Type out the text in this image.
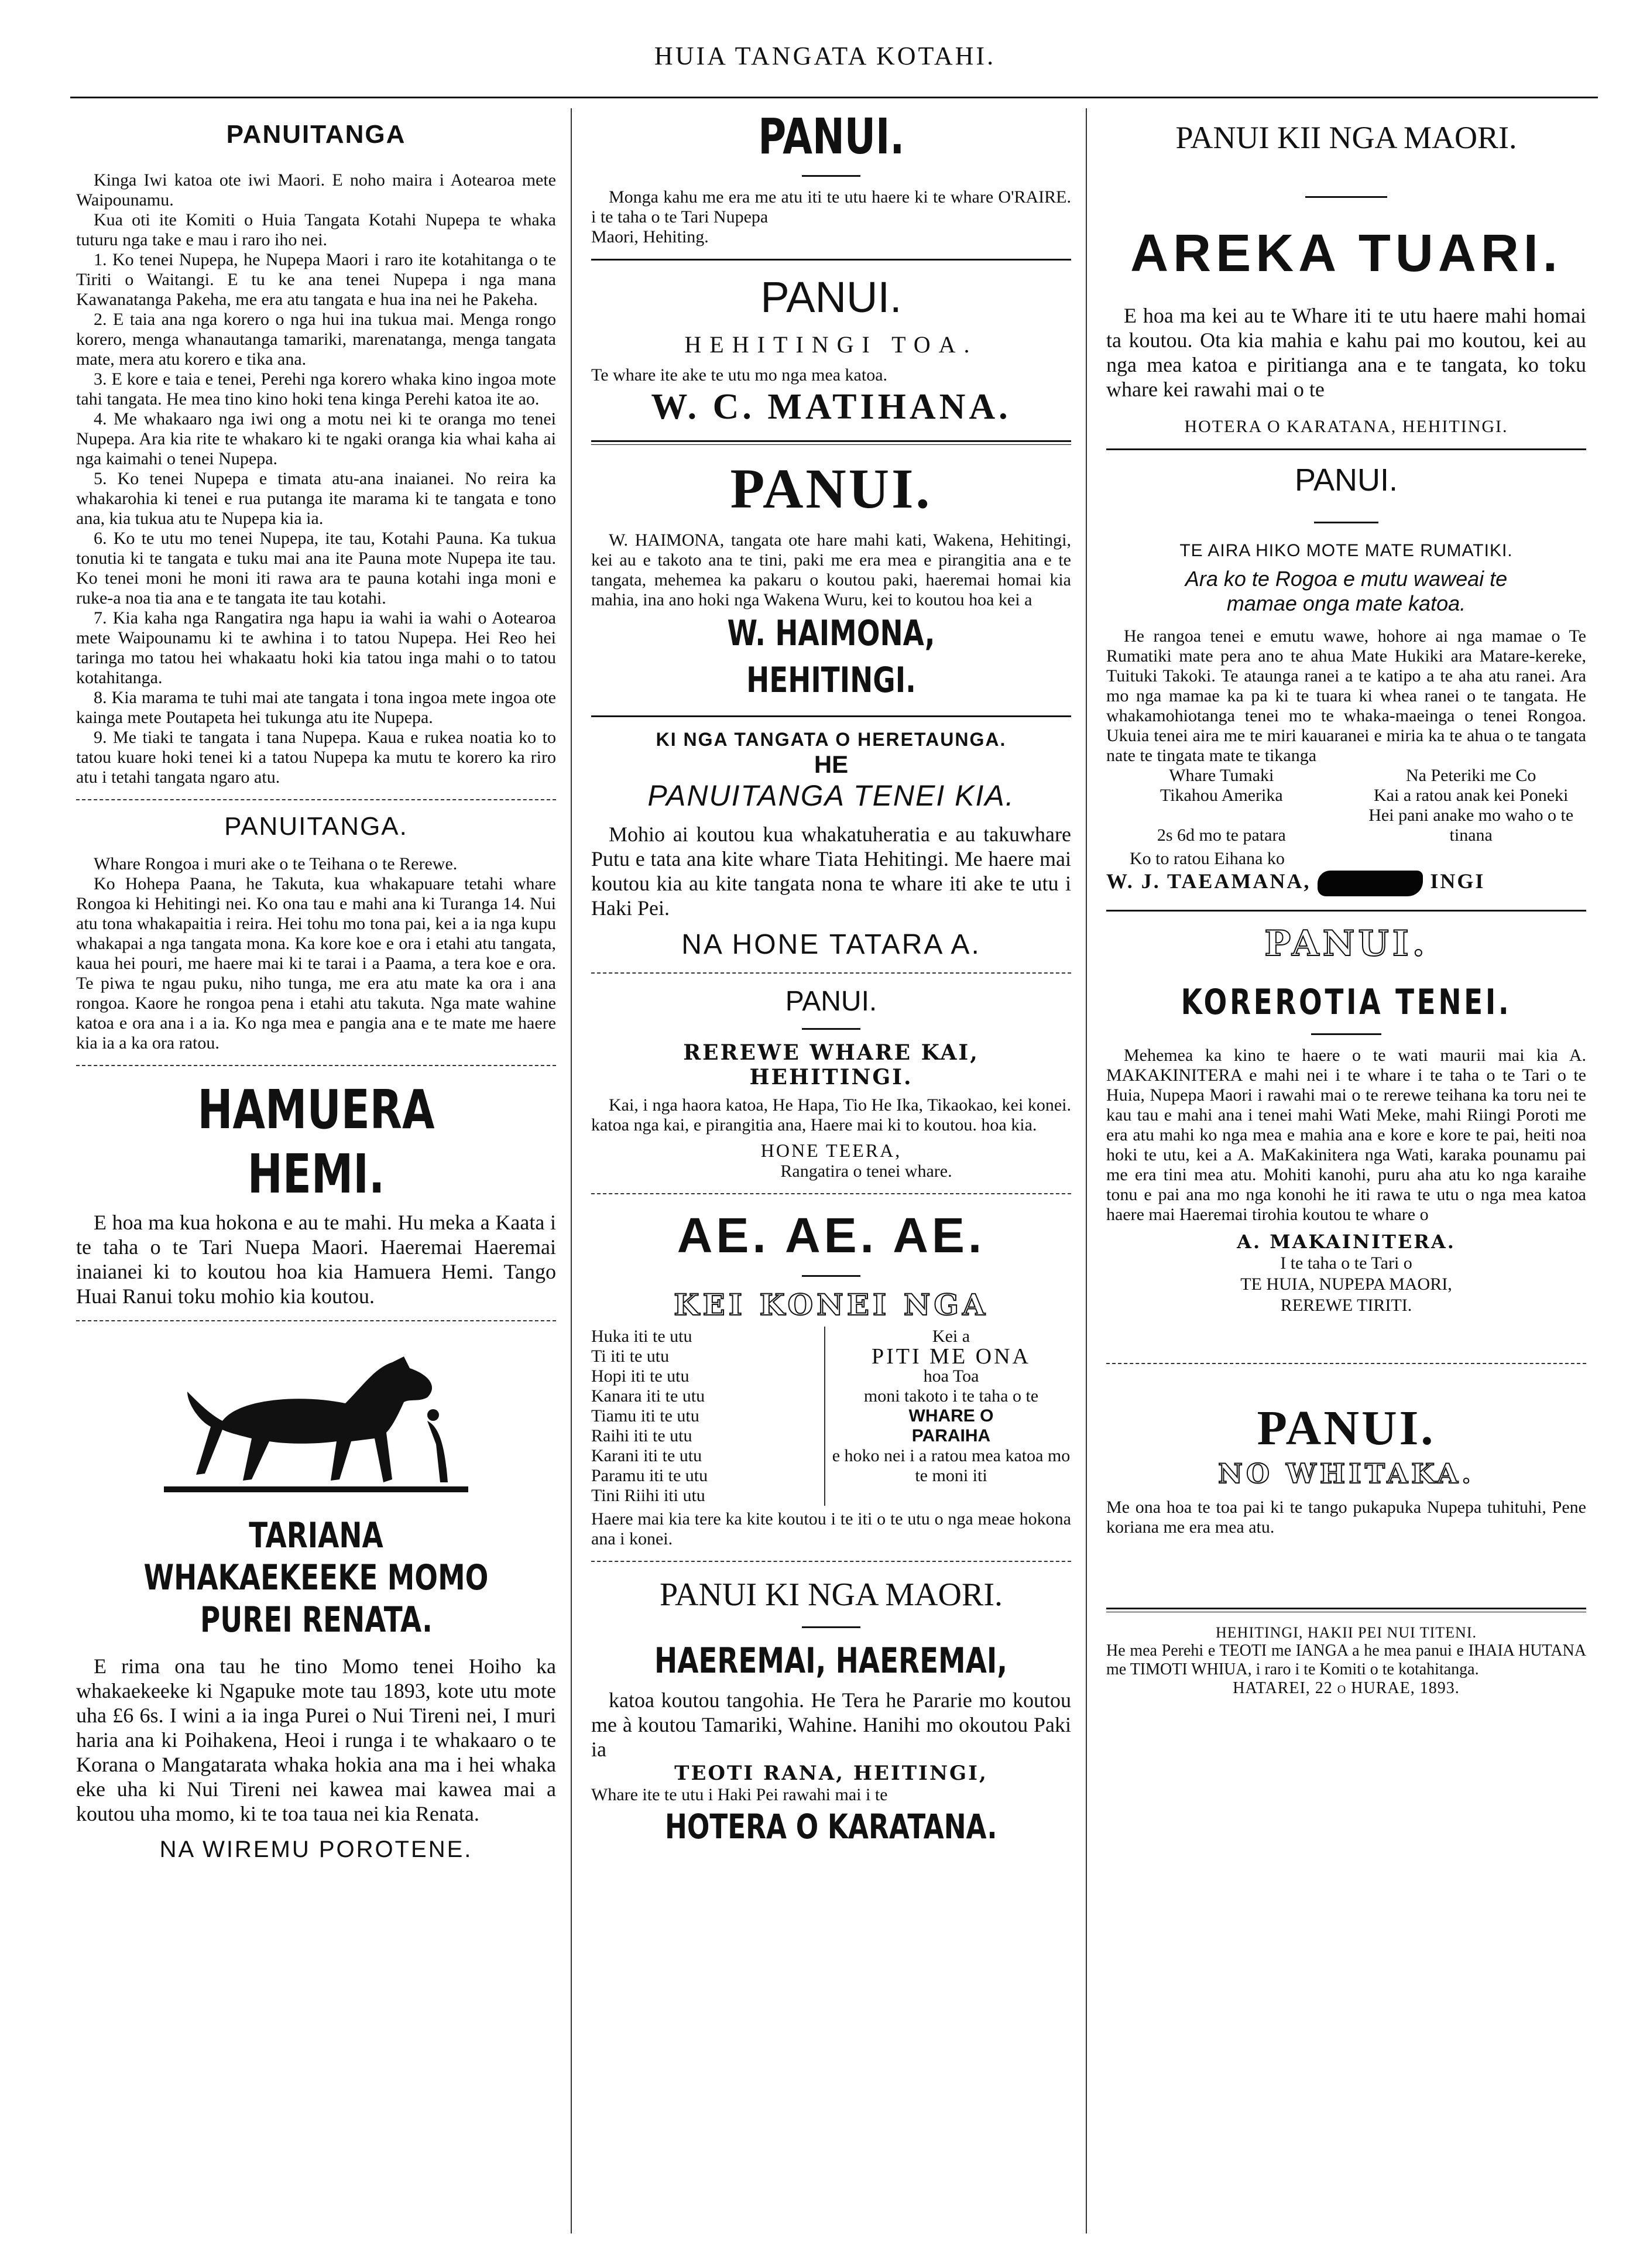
HUIA TANGATA KOTAHI.
PANUITANGA

Kinga Iwi katoa ote iwi Maori. E noho maira i Aotearoa mete Waipounamu.

Kua oti ite Komiti o Huia Tangata Kotahi Nupepa te whaka tuturu nga take e mau i raro iho nei.

1. Ko tenei Nupepa, he Nupepa Maori i raro ite kotahitanga o te Tiriti o Waitangi. E tu ke ana tenei Nupepa i nga mana Kawanatanga Pakeha, me era atu tangata e hua ina nei he Pakeha.

2. E taia ana nga korero o nga hui ina tukua mai. Menga rongo korero, menga whanautanga tamariki, marenatanga, menga tangata mate, mera atu korero e tika ana.

3. E kore e taia e tenei, Perehi nga korero whaka kino ingoa mote tahi tangata. He mea tino kino hoki tena kinga Perehi katoa ite ao.

4. Me whakaaro nga iwi ong a motu nei ki te oranga mo tenei Nupepa. Ara kia rite te whakaro ki te ngaki oranga kia whai kaha ai nga kaimahi o tenei Nupepa.

5. Ko tenei Nupepa e timata atu-ana inaianei. No reira ka whakarohia ki tenei e rua putanga ite marama ki te tangata e tono ana, kia tukua atu te Nupepa kia ia.

6. Ko te utu mo tenei Nupepa, ite tau, Kotahi Pauna. Ka tukua tonutia ki te tangata e tuku mai ana ite Pauna mote Nupepa ite tau. Ko tenei moni he moni iti rawa ara te pauna kotahi inga moni e ruke-a noa tia ana e te tangata ite tau kotahi.

7. Kia kaha nga Rangatira nga hapu ia wahi ia wahi o Aotearoa mete Waipounamu ki te awhina i to tatou Nupepa. Hei Reo hei taringa mo tatou hei whakaatu hoki kia tatou inga mahi o to tatou kotahitanga.

8. Kia marama te tuhi mai ate tangata i tona ingoa mete ingoa ote kainga mete Poutapeta hei tukunga atu ite Nupepa.

9. Me tiaki te tangata i tana Nupepa. Kaua e rukea noatia ko to tatou kuare hoki tenei ki a tatou Nupepa ka mutu te korero ka riro atu i tetahi tangata ngaro atu.

PANUITANGA.

Whare Rongoa i muri ake o te Teihana o te Rerewe.

Ko Hohepa Paana, he Takuta, kua whakapuare tetahi whare Rongoa ki Hehitingi nei. Ko ona tau e mahi ana ki Turanga 14. Nui atu tona whakapaitia i reira. Hei tohu mo tona pai, kei a ia nga kupu whakapai a nga tangata mona. Ka kore koe e ora i etahi atu tangata, kaua hei pouri, me haere mai ki te tarai i a Paama, a tera koe e ora. Te piwa te ngau puku, niho tunga, me era atu mate ka ora i ana rongoa. Kaore he rongoa pena i etahi atu takuta. Nga mate wahine katoa e ora ana i a ia. Ko nga mea e pangia ana e te mate me haere kia ia a ka ora ratou.

HAMUERA HEMI.

E hoa ma kua hokona e au te mahi. Hu meka a Kaata i te taha o te Tari Nuepa Maori. Haeremai Haeremai inaianei ki to koutou hoa kia Hamuera Hemi. Tango Huai Ranui toku mohio kia koutou.

TARIANA WHAKAEKEEKE MOMO
PUREI RENATA.

E rima ona tau he tino Momo tenei Hoiho ka whakaekeeke ki Ngapuke mote tau 1893, kote utu mote uha £6 6s. I wini a ia inga Purei o Nui Tireni nei, I muri haria ana ki Poihakena, Heoi i runga i te whakaaro o te Korana o Mangatarata whaka hokia ana ma i hei whaka eke uha ki Nui Tireni nei kawea mai kawea mai a koutou uha momo, ki te toa taua nei kia Renata.

NA WIREMU POROTENE.
PANUI.

Monga kahu me era me atu iti te utu haere ki te whare O'RAIRE. i te taha o te Tari Nupepa

Maori, Hehiting.

PANUI.
HEHITINGI TOA.

Te whare ite ake te utu mo nga mea katoa.

W. C. MATIHANA.
PANUI.

W. HAIMONA, tangata ote hare mahi kati, Wakena, Hehitingi, kei au e takoto ana te tini, paki me era mea e pirangitia ana e te tangata, mehemea ka pakaru o koutou paki, haeremai homai kia mahia, ina ano hoki nga Wakena Wuru, kei to koutou hoa kei a

W. HAIMONA, HEHITINGI.
KI NGA TANGATA O HERETAUNGA.
HE
PANUITANGA TENEI KIA.

Mohio ai koutou kua whakatuheratia e au takuwhare Putu e tata ana kite whare Tiata Hehitingi. Me haere mai koutou kia au kite tangata nona te whare iti ake te utu i Haki Pei.

NA HONE TATARA A.
PANUI.
REREWE WHARE KAI,
HEHITINGI.

Kai, i nga haora katoa, He Hapa, Tio He Ika, Tikaokao, kei konei. katoa nga kai, e pirangitia ana, Haere mai ki to koutou. hoa kia.

HONE TEERA,
Rangatira o tenei whare.
AE. AE. AE.
KEI KONEI NGA
Huka iti te utu
Ti iti te utu
Hopi iti te utu
Kanara iti te utu
Tiamu iti te utu
Raihi iti te utu
Karani iti te utu
Paramu iti te utu
Tini Riihi iti utu
Kei a
PITI ME ONA
hoa Toa
moni takoto i te taha o te
WHARE O
PARAIHA
e hoko nei i a ratou mea katoa mo te moni iti

Haere mai kia tere ka kite koutou i te iti o te utu o nga meae hokona ana i konei.

PANUI KI NGA MAORI.
HAEREMAI, HAEREMAI,

katoa koutou tangohia. He Tera he Pararie mo koutou me à koutou Tamariki, Wahine. Hanihi mo okoutou Paki ia

TEOTI RANA, HEITINGI,

Whare ite te utu i Haki Pei rawahi mai i te

HOTERA O KARATANA.
PANUI KII NGA MAORI.
AREKA TUARI.

E hoa ma kei au te Whare iti te utu haere mahi homai ta koutou. Ota kia mahia e kahu pai mo koutou, kei au nga mea katoa e piritianga ana e te tangata, ko toku whare kei rawahi mai o te

HOTERA O KARATANA, HEHITINGI.
PANUI.
TE AIRA HIKO MOTE MATE RUMATIKI.
Ara ko te Rogoa e mutu waweai te
mamae onga mate katoa.

He rangoa tenei e emutu wawe, hohore ai nga mamae o Te Rumatiki mate pera ano te ahua Mate Hukiki ara Matare-kereke, Tuituki Takoki. Te ataunga ranei a te katipo a te aha atu ranei. Ara mo nga mamae ka pa ki te tuara ki whea ranei o te tangata. He whakamohiotanga tenei mo te whaka-maeinga o tenei Rongoa. Ukuia tenei aira me te miri kauaranei e miria ka te ahua o te tangata nate te tingata mate te tikanga

Whare Tumaki
Tikahou Amerika
2s 6d mo te patara
Na Peteriki me Co
Kai a ratou anak kei Poneki
Hei pani anake mo waho o te tinana

Ko to ratou Eihana ko

W. J. TAEAMANA,	INGI
PANUI.
KOREROTIA TENEI.

Mehemea ka kino te haere o te wati maurii mai kia A. MAKAKINITERA e mahi nei i te whare i te taha o te Tari o te Huia, Nupepa Maori i rawahi mai o te rerewe teihana ka toru nei te kau tau e mahi ana i tenei mahi Wati Meke, mahi Riingi Poroti me era atu mahi ko nga mea e mahia ana e kore e kore te pai, heiti noa hoki te utu, kei a A. MaKakinitera nga Wati, karaka pounamu pai me era tini mea atu. Mohiti kanohi, puru aha atu ko nga karaihe tonu e pai ana mo nga konohi he iti rawa te utu o nga mea katoa haere mai Haeremai tirohia koutou te whare o

A. MAKAINITERA.
I te taha o te Tari o
TE HUIA, NUPEPA MAORI,
REREWE TIRITI.
PANUI.
NO WHITAKA.

Me ona hoa te toa pai ki te tango pukapuka Nupepa tuhituhi, Pene koriana me era mea atu.

HEHITINGI, HAKII PEI NUI TITENI.

He mea Perehi e TEOTI me IANGA a he mea panui e IHAIA HUTANA me TIMOTI WHIUA, i raro i te Komiti o te kotahitanga.

HATAREI, 22 o HURAE, 1893.
